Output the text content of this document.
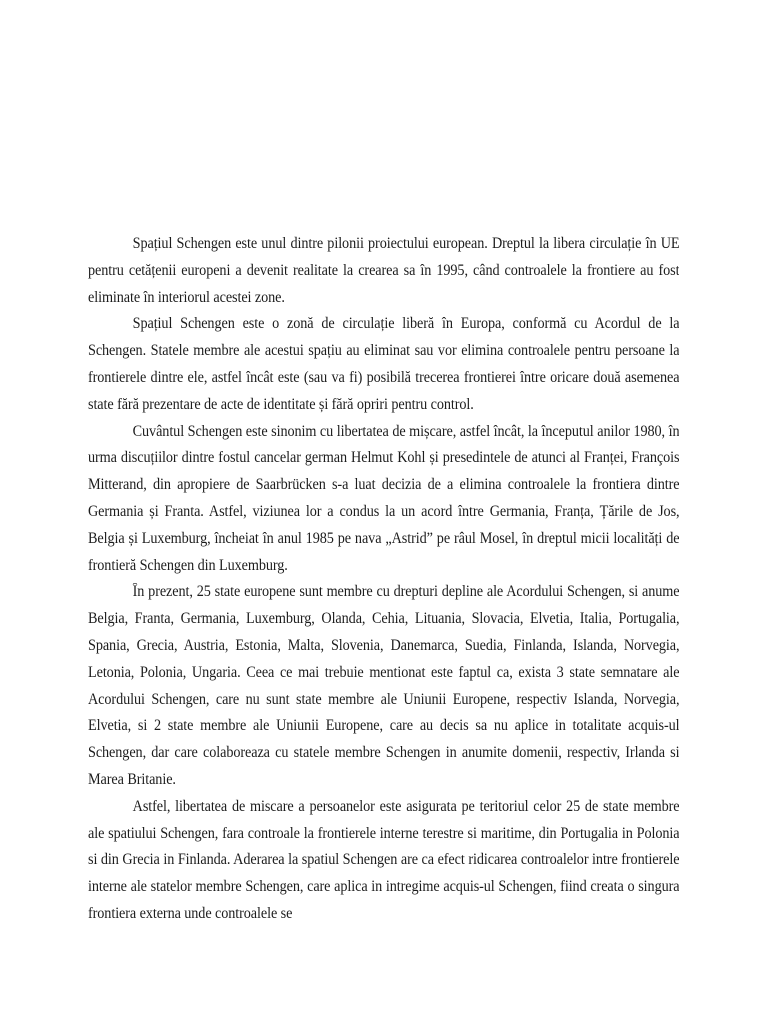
Spațiul Schengen este unul dintre pilonii proiectului european. Dreptul la libera circulație în UE pentru cetățenii europeni a devenit realitate la crearea sa în 1995, când controalele la frontiere au fost eliminate în interiorul acestei zone.

Spațiul Schengen este o zonă de circulație liberă în Europa, conformă cu Acordul de la Schengen. Statele membre ale acestui spațiu au eliminat sau vor elimina controalele pentru persoane la frontierele dintre ele, astfel încât este (sau va fi) posibilă trecerea frontierei între oricare două asemenea state fără prezentare de acte de identitate și fără opriri pentru control.

Cuvântul Schengen este sinonim cu libertatea de mișcare, astfel încât, la începutul anilor 1980, în urma discuțiilor dintre fostul cancelar german Helmut Kohl și presedintele de atunci al Franței, François Mitterand, din apropiere de Saarbrücken s-a luat decizia de a elimina controalele la frontiera dintre Germania și Franta. Astfel, viziunea lor a condus la un acord între Germania, Franța, Țările de Jos, Belgia și Luxemburg, încheiat în anul 1985 pe nava „Astrid” pe râul Mosel, în dreptul micii localități de frontieră Schengen din Luxemburg.

În prezent, 25 state europene sunt membre cu drepturi depline ale Acordului Schengen, si anume Belgia, Franta, Germania, Luxemburg, Olanda, Cehia, Lituania, Slovacia, Elvetia, Italia, Portugalia, Spania, Grecia, Austria, Estonia, Malta, Slovenia, Danemarca, Suedia, Finlanda, Islanda, Norvegia, Letonia, Polonia, Ungaria. Ceea ce mai trebuie mentionat este faptul ca, exista 3 state semnatare ale Acordului Schengen, care nu sunt state membre ale Uniunii Europene, respectiv Islanda, Norvegia, Elvetia, si 2 state membre ale Uniunii Europene, care au decis sa nu aplice in totalitate acquis-ul Schengen, dar care colaboreaza cu statele membre Schengen in anumite domenii, respectiv, Irlanda si Marea Britanie.

Astfel, libertatea de miscare a persoanelor este asigurata pe teritoriul celor 25 de state membre ale spatiului Schengen, fara controale la frontierele interne terestre si maritime, din Portugalia in Polonia si din Grecia in Finlanda. Aderarea la spatiul Schengen are ca efect ridicarea controalelor intre frontierele interne ale statelor membre Schengen, care aplica in intregime acquis-ul Schengen, fiind creata o singura frontiera externa unde controalele se
